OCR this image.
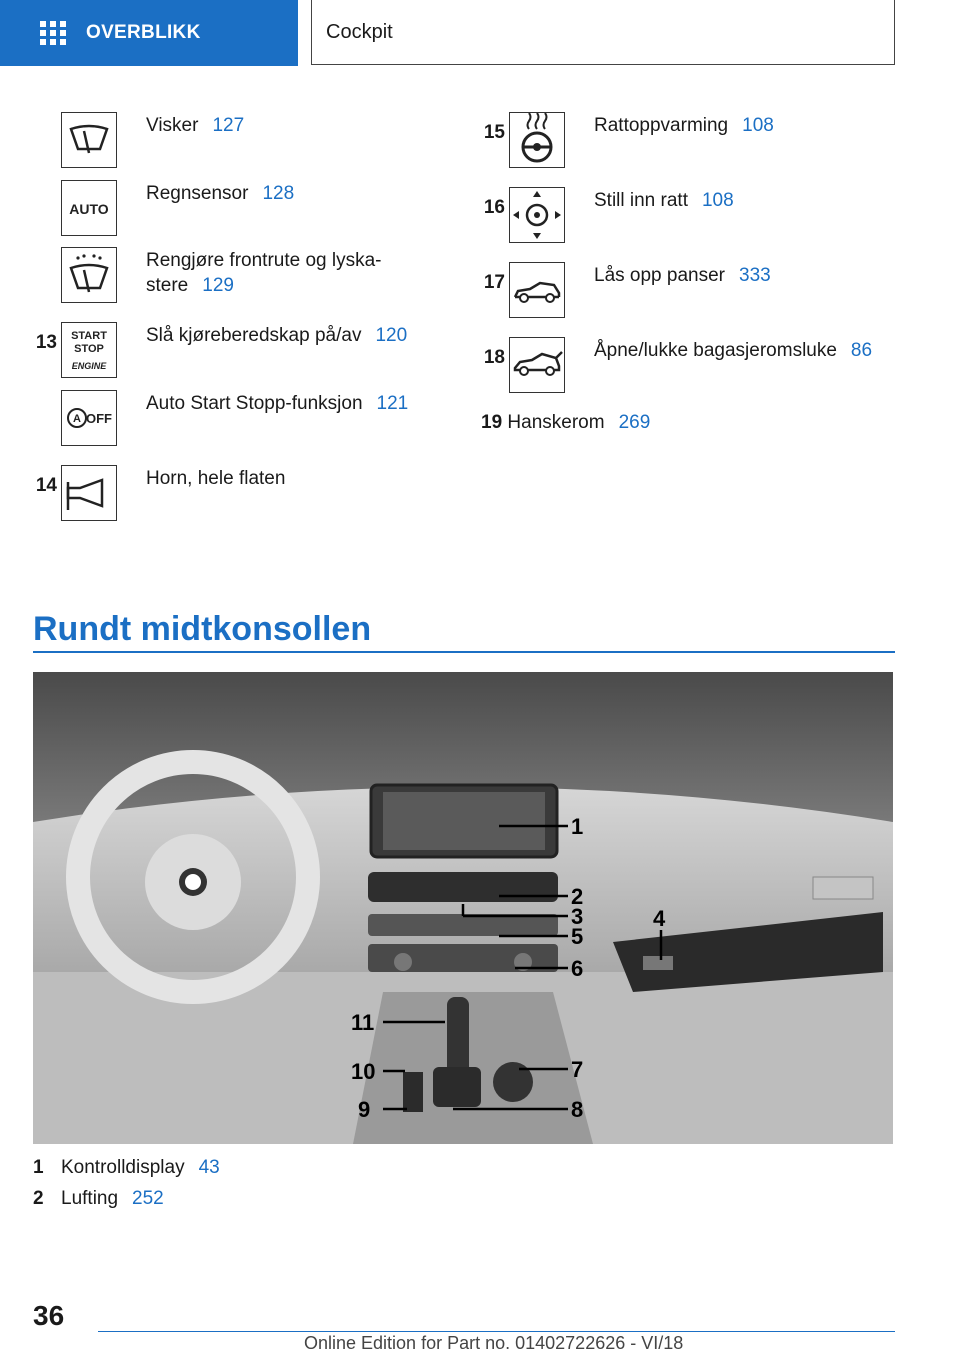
OVERBLIKK	Cockpit
Visker 127
AUTO
Regnsensor 128
Rengjøre frontrute og lyska-
stere 129
13 START
STOP
ENGINE
Slå kjøreberedskap på/av 120
A OFF
Auto Start Stopp-funksjon 121
14	Horn, hele flaten
15	Rattoppvarming 108
16	Still inn ratt 108
17	Lås opp panser 333
18	Åpne/lukke bagasjeromsluke 86
19 Hanskerom 269
Rundt midtkonsollen
1
2
3
5
6
4
11
10
9
7
8
1 Kontrolldisplay 43
2 Lufting 252
36
Online Edition for Part no. 01402722626 - VI/18
